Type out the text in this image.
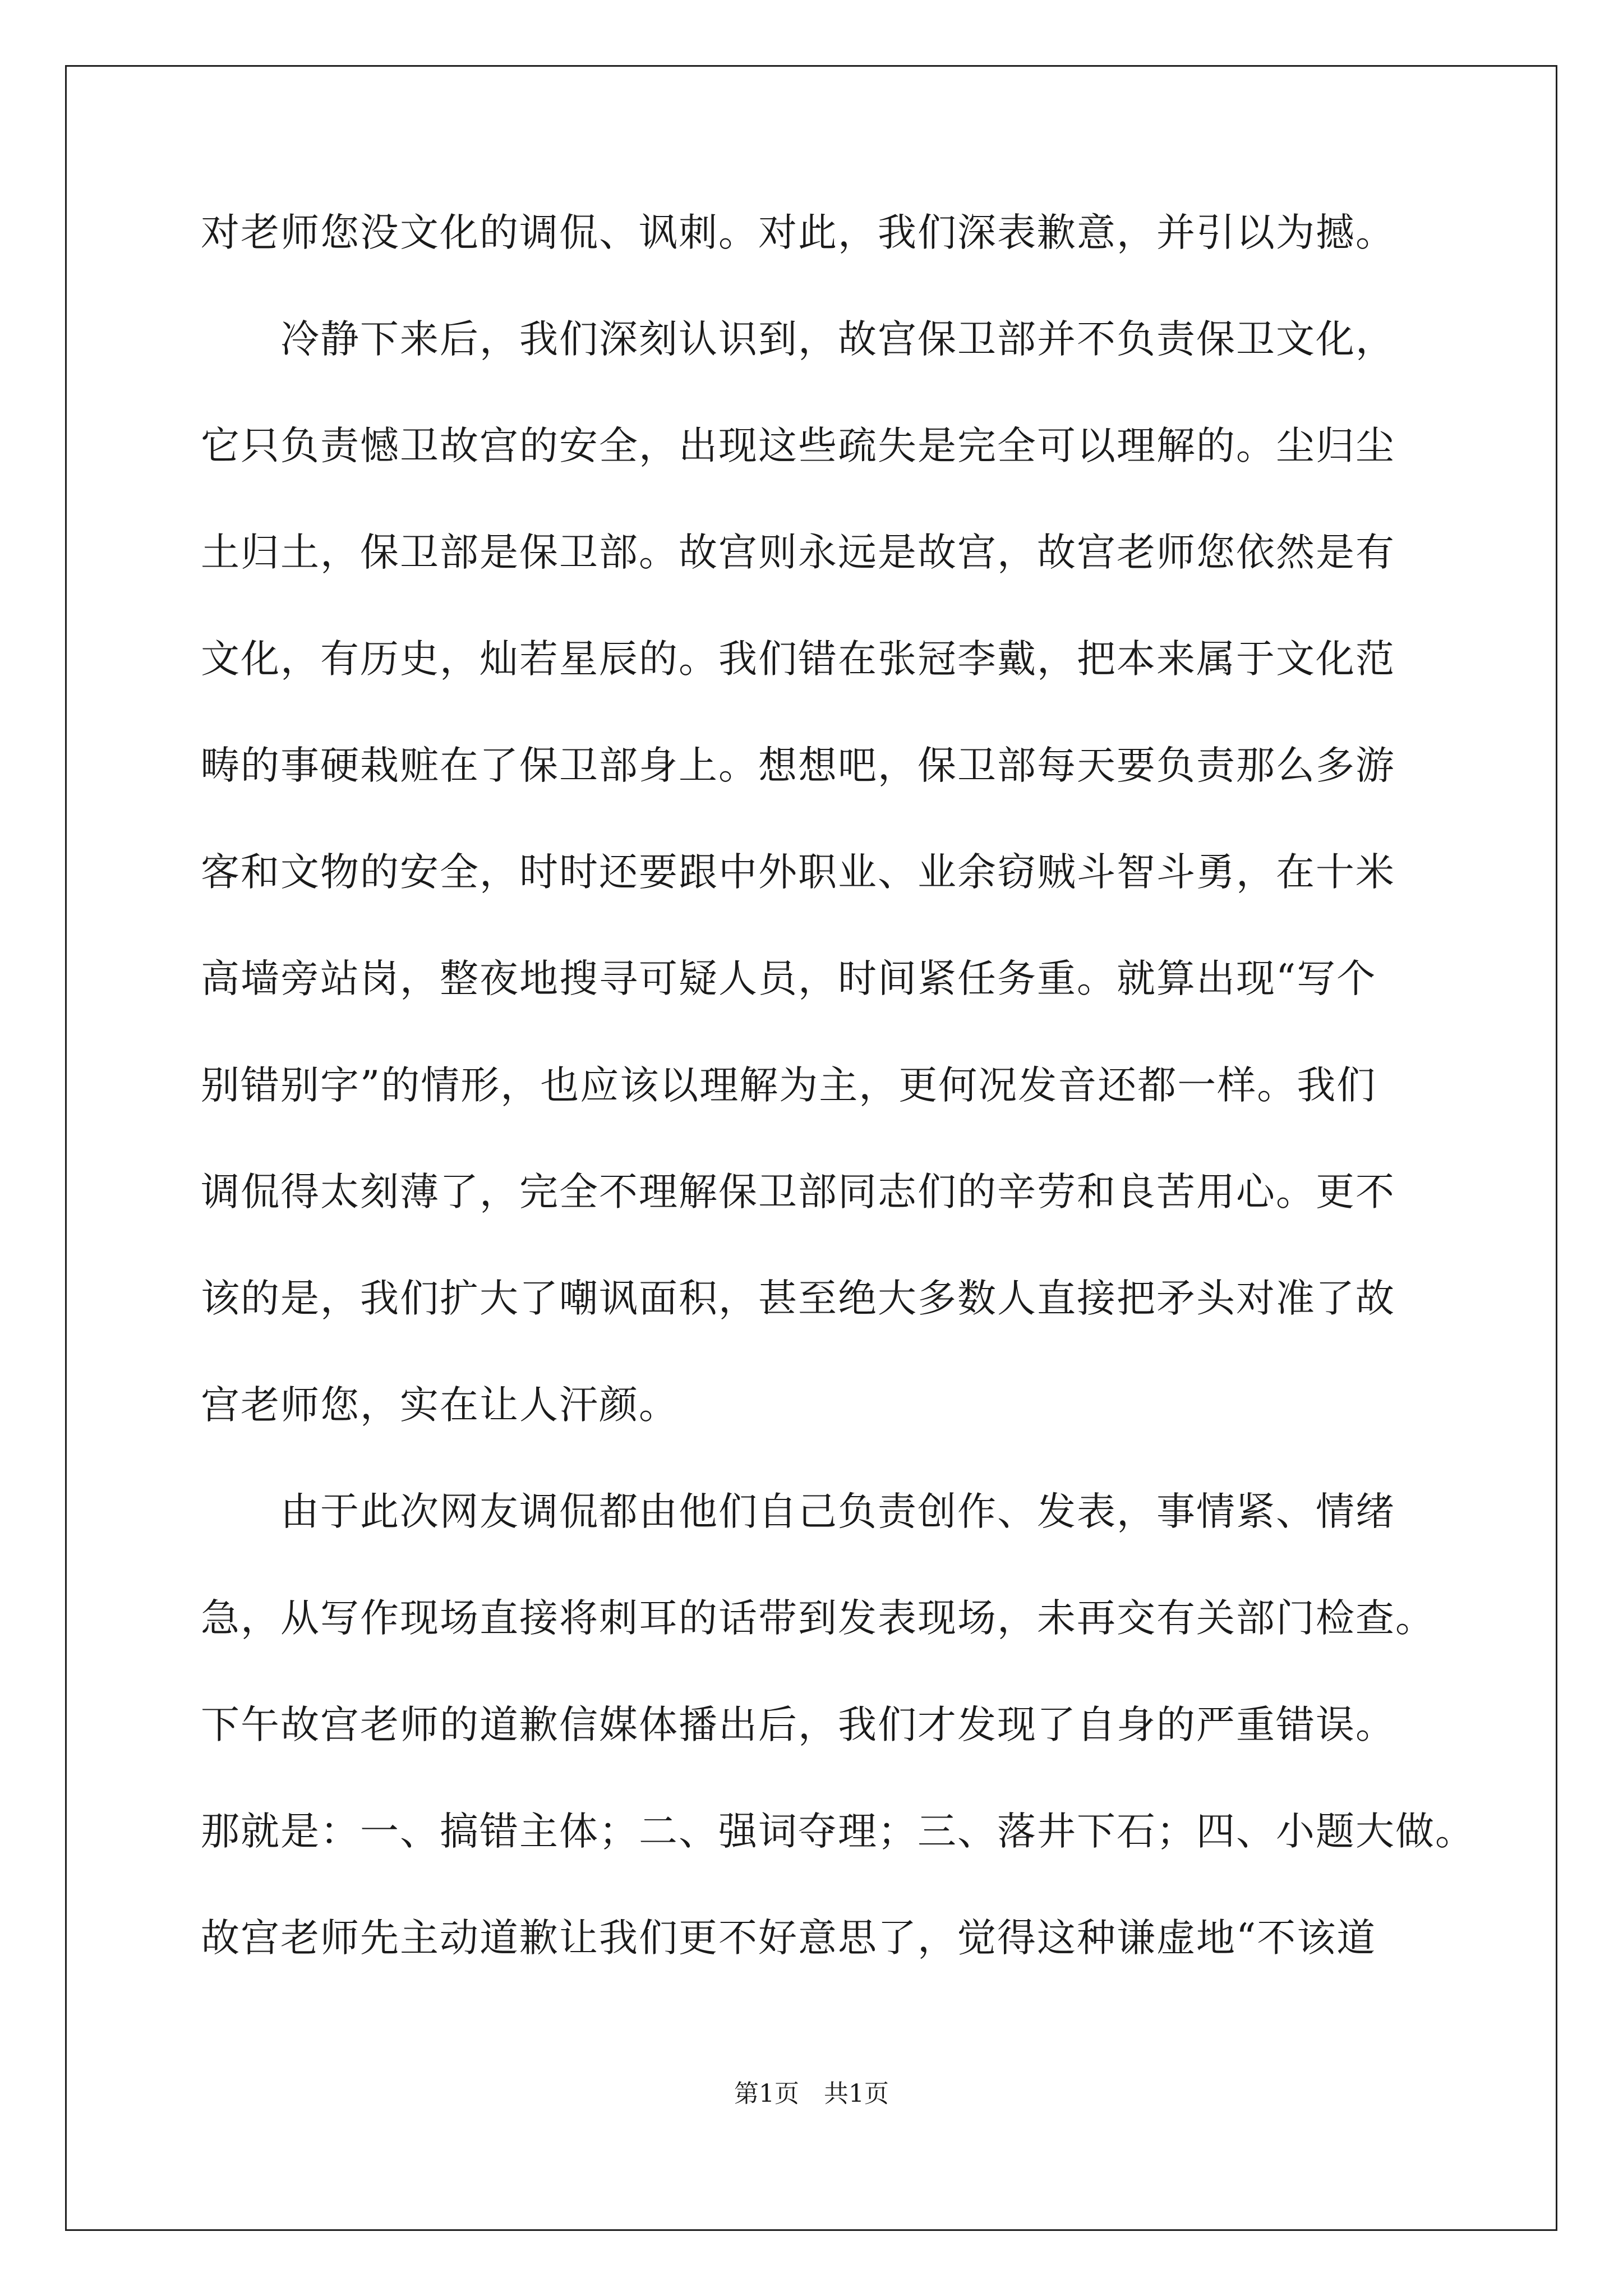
对老师您没文化的调侃、讽刺。对此，我们深表歉意，并引以为撼。
　　冷静下来后，我们深刻认识到，故宫保卫部并不负责保卫文化，
它只负责憾卫故宫的安全，出现这些疏失是完全可以理解的。尘归尘
土归土，保卫部是保卫部。故宫则永远是故宫，故宫老师您依然是有
文化，有历史，灿若星辰的。我们错在张冠李戴，把本来属于文化范
畴的事硬栽赃在了保卫部身上。想想吧，保卫部每天要负责那么多游
客和文物的安全，时时还要跟中外职业、业余窃贼斗智斗勇，在十米
高墙旁站岗，整夜地搜寻可疑人员，时间紧任务重。就算出现“写个
别错别字”的情形，也应该以理解为主，更何况发音还都一样。我们
调侃得太刻薄了，完全不理解保卫部同志们的辛劳和良苦用心。更不
该的是，我们扩大了嘲讽面积，甚至绝大多数人直接把矛头对准了故
宫老师您，实在让人汗颜。
　　由于此次网友调侃都由他们自己负责创作、发表，事情紧、情绪
急，从写作现场直接将刺耳的话带到发表现场，未再交有关部门检查。
下午故宫老师的道歉信媒体播出后，我们才发现了自身的严重错误。
那就是：一、搞错主体；二、强词夺理；三、落井下石；四、小题大做。
故宫老师先主动道歉让我们更不好意思了，觉得这种谦虚地“不该道
第1页　共1页
